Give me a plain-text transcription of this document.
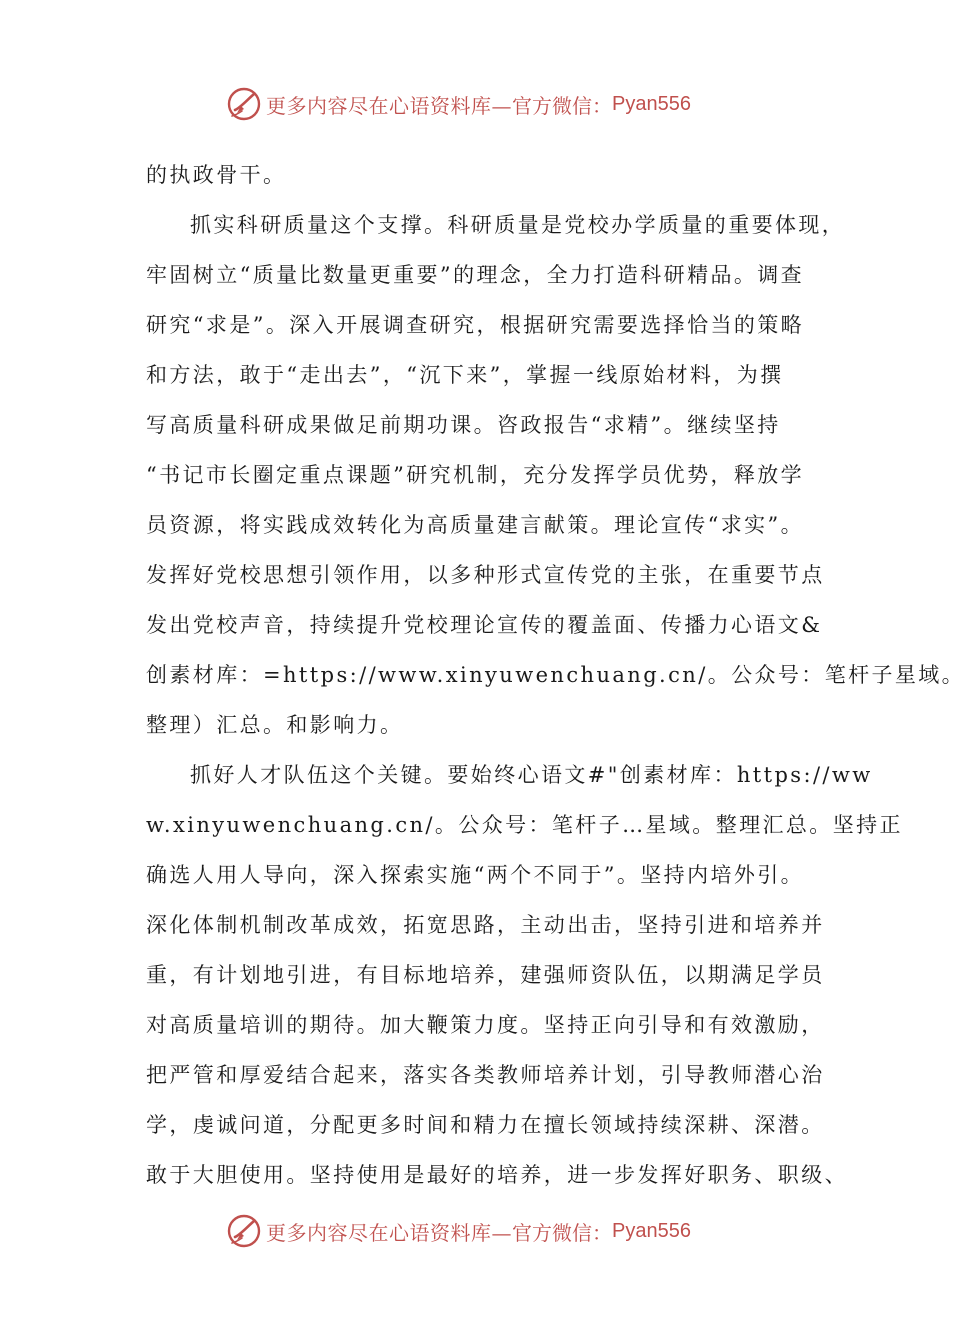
更多内容尽在心语资料库— 官方微信： Pyan556
的执政骨干。
抓实科研质量这个支撑。科研质量是党校办学质量的重要体现，
牢固树立“质量比数量更重要”的理念，全力打造科研精品。调查
研究“求是”。深入开展调查研究，根据研究需要选择恰当的策略
和方法，敢于“走出去”，“沉下来”，掌握一线原始材料，为撰
写高质量科研成果做足前期功课。咨政报告“求精”。继续坚持
“书记市长圈定重点课题”研究机制，充分发挥学员优势，释放学
员资源，将实践成效转化为高质量建言献策。理论宣传“求实”。
发挥好党校思想引领作用，以多种形式宣传党的主张，在重要节点
发出党校声音，持续提升党校理论宣传的覆盖面、传播力心语文&
创素材库：=https://www.xinyuwenchuang.cn/。公众号：笔杆子星域。
整理）汇总。和影响力。
抓好人才队伍这个关键。要始终心语文#"创素材库：https://ww
w.xinyuwenchuang.cn/。公众号：笔杆子…星域。整理汇总。坚持正
确选人用人导向，深入探索实施“两个不同于”。坚持内培外引。
深化体制机制改革成效，拓宽思路，主动出击，坚持引进和培养并
重，有计划地引进，有目标地培养，建强师资队伍，以期满足学员
对高质量培训的期待。加大鞭策力度。坚持正向引导和有效激励，
把严管和厚爱结合起来，落实各类教师培养计划，引导教师潜心治
学，虔诚问道，分配更多时间和精力在擅长领域持续深耕、深潜。
敢于大胆使用。坚持使用是最好的培养，进一步发挥好职务、职级、
更多内容尽在心语资料库— 官方微信： Pyan556
